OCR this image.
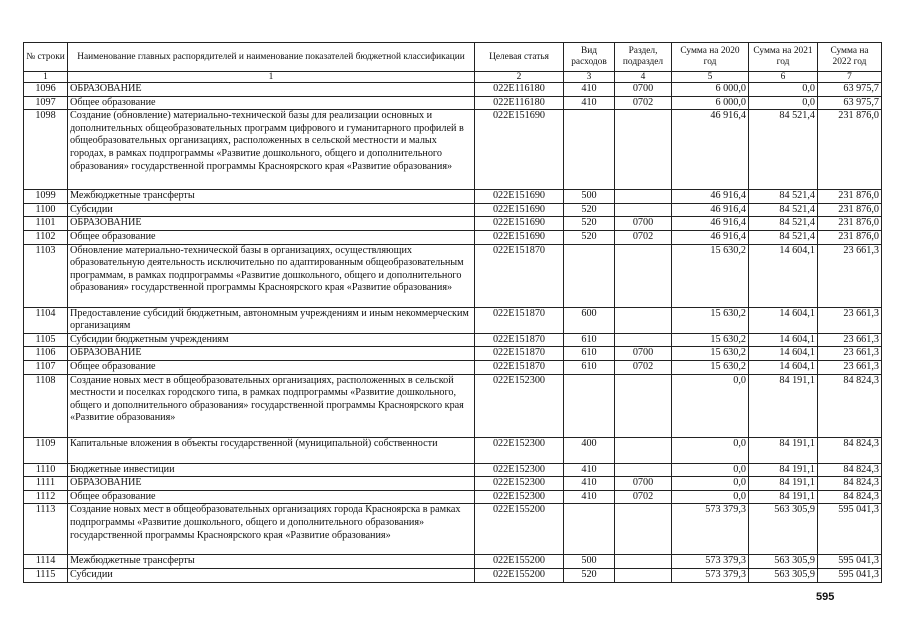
№ строки	Наименование главных распорядителей и наименование показателей бюджетной классификации	Целевая статья	Вид расходов	Раздел, подраздел	Сумма на 2020 год	Сумма на 2021 год	Сумма на 2022 год
1	1	2	3	4	5	6	7
1096	ОБРАЗОВАНИЕ	022E116180	410	0700	6 000,0	0,0	63 975,7
1097	Общее образование	022E116180	410	0702	6 000,0	0,0	63 975,7
1098	Создание (обновление) материально-технической базы для реализации основных и дополнительных общеобразовательных программ цифрового и гуманитарного профилей в общеобразовательных организациях, расположенных в сельской местности и малых городах, в рамках подпрограммы «Развитие дошкольного, общего и дополнительного образования» государственной программы Красноярского края «Развитие образования»	022E151690			46 916,4	84 521,4	231 876,0
1099	Межбюджетные трансферты	022E151690	500		46 916,4	84 521,4	231 876,0
1100	Субсидии	022E151690	520		46 916,4	84 521,4	231 876,0
1101	ОБРАЗОВАНИЕ	022E151690	520	0700	46 916,4	84 521,4	231 876,0
1102	Общее образование	022E151690	520	0702	46 916,4	84 521,4	231 876,0
1103	Обновление материально-технической базы в организациях, осуществляющих образовательную деятельность исключительно по адаптированным общеобразовательным программам, в рамках подпрограммы «Развитие дошкольного, общего и дополнительного образования» государственной программы Красноярского края «Развитие образования»	022E151870			15 630,2	14 604,1	23 661,3
1104	Предоставление субсидий бюджетным, автономным учреждениям и иным некоммерческим организациям	022E151870	600		15 630,2	14 604,1	23 661,3
1105	Субсидии бюджетным учреждениям	022E151870	610		15 630,2	14 604,1	23 661,3
1106	ОБРАЗОВАНИЕ	022E151870	610	0700	15 630,2	14 604,1	23 661,3
1107	Общее образование	022E151870	610	0702	15 630,2	14 604,1	23 661,3
1108	Создание новых мест в общеобразовательных организациях, расположенных в сельской местности и поселках городского типа, в рамках подпрограммы «Развитие дошкольного, общего и дополнительного образования» государственной программы Красноярского края «Развитие образования»	022E152300			0,0	84 191,1	84 824,3
1109	Капитальные вложения в объекты государственной (муниципальной) собственности	022E152300	400		0,0	84 191,1	84 824,3
1110	Бюджетные инвестиции	022E152300	410		0,0	84 191,1	84 824,3
1111	ОБРАЗОВАНИЕ	022E152300	410	0700	0,0	84 191,1	84 824,3
1112	Общее образование	022E152300	410	0702	0,0	84 191,1	84 824,3
1113	Создание новых мест в общеобразовательных организациях города Красноярска в рамках подпрограммы «Развитие дошкольного, общего и дополнительного образования» государственной программы Красноярского края «Развитие образования»	022E155200			573 379,3	563 305,9	595 041,3
1114	Межбюджетные трансферты	022E155200	500		573 379,3	563 305,9	595 041,3
1115	Субсидии	022E155200	520		573 379,3	563 305,9	595 041,3
595
